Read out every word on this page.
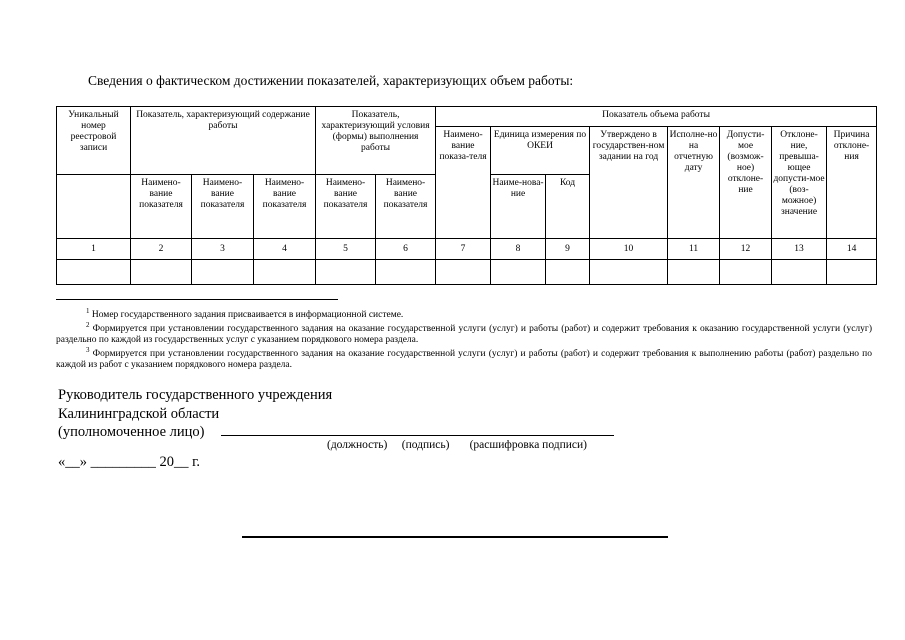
Сведения о фактическом достижении показателей, характеризующих объем работы:
Уникальный номер реестровой записи	Показатель, характеризующий содержание работы			Показатель, характеризующий условия (формы) выполнения работы		Показатель объема работы							
						Наимено-вание показа-теля	Единица измерения по ОКЕИ		Утверждено в государствен-ном задании на год	Исполне-но на отчетную дату	Допусти-мое (возмож-ное) отклоне-ние	Отклоне-ние, превыша-ющее допусти-мое (воз-можное) значение	Причина отклоне-ния
	Наимено-вание показателя	Наимено-вание показателя	Наимено-вание показателя	Наимено-вание показателя	Наимено-вание показателя		Наиме-нова-ние	Код					
1	2	3	4	5	6	7	8	9	10	11	12	13	14

$^1$ Номер государственного задания присваивается в информационной системе.

$^2$ Формируется при установлении государственного задания на оказание государственной услуги (услуг) и работы (работ) и содержит требования к оказанию государственной услуги (услуг) раздельно по каждой из государственных услуг с указанием порядкового номера раздела.

$^3$ Формируется при установлении государственного задания на оказание государственной услуги (услуг) и работы (работ) и содержит требования к выполнению работы (работ) раздельно по каждой из работ с указанием порядкового номера раздела.

Руководитель государственного учреждения
Калининградской области
(уполномоченное лицо)
(должность)     (подпись)       (расшифровка подписи)
«__» _________ 20__ г.
